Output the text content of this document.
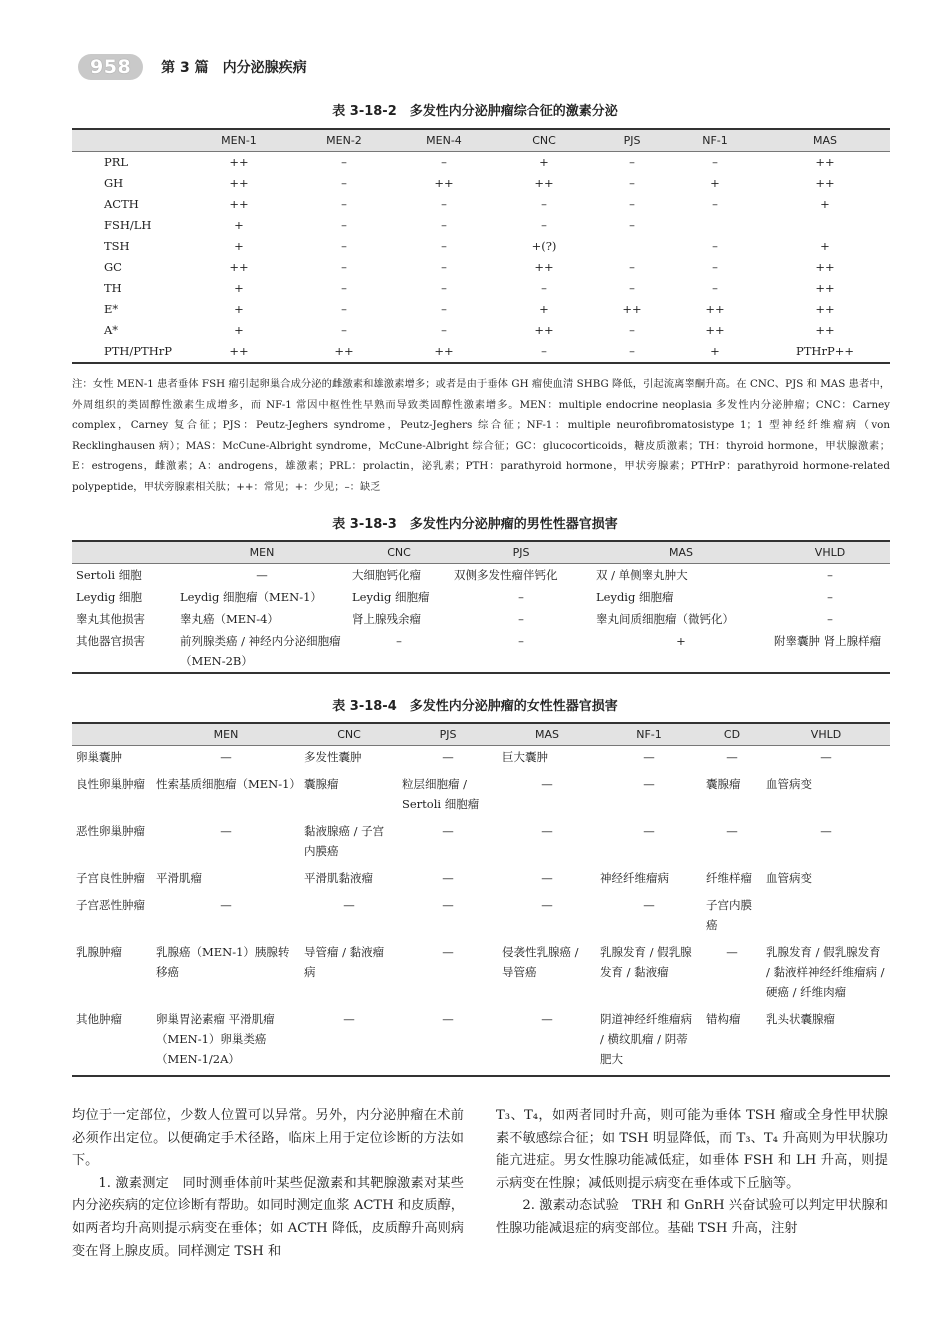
958	第 3 篇　内分泌腺疾病
表 3-18-2　多发性内分泌肿瘤综合征的激素分泌
	MEN-1	MEN-2	MEN-4	CNC	PJS	NF-1	MAS
PRL	++	–	–	+	–	–	++
GH	++	–	++	++	–	+	++
ACTH	++	–	–	–	–	–	+
FSH/LH	+	–	–	–	–		
TSH	+	–	–	+(?)		–	+
GC	++	–	–	++	–	–	++
TH	+	–	–	–	–	–	++
E*	+	–	–	+	++	++	++
A*	+	–	–	++	–	++	++
PTH/PTHrP	++	++	++	–	–	+	PTHrP++
注：女性 MEN-1 患者垂体 FSH 瘤引起卵巢合成分泌的雌激素和雄激素增多；或者是由于垂体 GH 瘤使血清 SHBG 降低，引起流离睾酮升高。在 CNC、PJS 和 MAS 患者中，外周组织的类固醇性激素生成增多，而 NF-1 常因中枢性性早熟而导致类固醇性激素增多。MEN：multiple endocrine neoplasia 多发性内分泌肿瘤；CNC：Carney complex，Carney 复合征；PJS：Peutz-Jeghers syndrome，Peutz-Jeghers 综合征；NF-1：multiple neurofibromatosistype 1；1 型神经纤维瘤病（von Recklinghausen 病）；MAS：McCune-Albright syndrome，McCune-Albright 综合征；GC：glucocorticoids，糖皮质激素；TH：thyroid hormone，甲状腺激素；E：estrogens，雌激素；A：androgens，雄激素；PRL：prolactin，泌乳素；PTH：parathyroid hormone，甲状旁腺素；PTHrP：parathyroid hormone-related polypeptide，甲状旁腺素相关肽；++：常见；+：少见；–：缺乏
表 3-18-3　多发性内分泌肿瘤的男性性器官损害
	MEN	CNC	PJS	MAS	VHLD
Sertoli 细胞	—	大细胞钙化瘤	双侧多发性瘤伴钙化	双 / 单侧睾丸肿大	–
Leydig 细胞	Leydig 细胞瘤（MEN-1）	Leydig 细胞瘤	–	Leydig 细胞瘤	–
睾丸其他损害	睾丸癌（MEN-4）	肾上腺残余瘤	–	睾丸间质细胞瘤（微钙化）	–
其他器官损害	前列腺类癌 / 神经内分泌细胞瘤（MEN-2B）	–	–	+	附睾囊肿 肾上腺样瘤
表 3-18-4　多发性内分泌肿瘤的女性性器官损害
	MEN	CNC	PJS	MAS	NF-1	CD	VHLD
卵巢囊肿	—	多发性囊肿	—	巨大囊肿	—	—	—
良性卵巢肿瘤	性索基质细胞瘤（MEN-1）	囊腺瘤	粒层细胞瘤 / Sertoli 细胞瘤	—	—	囊腺瘤	血管病变
恶性卵巢肿瘤	—	黏液腺癌 / 子宫内膜癌	—	—	—	—	—
子宫良性肿瘤	平滑肌瘤	平滑肌黏液瘤	—	—	神经纤维瘤病	纤维样瘤	血管病变
子宫恶性肿瘤	—	—	—	—	—	子宫内膜癌	
乳腺肿瘤	乳腺癌（MEN-1）胰腺转移癌	导管瘤 / 黏液瘤病	—	侵袭性乳腺癌 / 导管癌	乳腺发育 / 假乳腺发育 / 黏液瘤	—	乳腺发育 / 假乳腺发育 / 黏液样神经纤维瘤病 / 硬癌 / 纤维肉瘤
其他肿瘤	卵巢胃泌素瘤 平滑肌瘤（MEN-1）卵巢类癌（MEN-1/2A）	—	—	—	阴道神经纤维瘤病 / 横纹肌瘤 / 阴蒂肥大	错构瘤	乳头状囊腺瘤

均位于一定部位，少数人位置可以异常。另外，内分泌肿瘤在术前必须作出定位。以便确定手术径路，临床上用于定位诊断的方法如下。

1. 激素测定　同时测垂体前叶某些促激素和其靶腺激素对某些内分泌疾病的定位诊断有帮助。如同时测定血浆 ACTH 和皮质醇，如两者均升高则提示病变在垂体；如 ACTH 降低，皮质醇升高则病变在肾上腺皮质。同样测定 TSH 和

T₃、T₄，如两者同时升高，则可能为垂体 TSH 瘤或全身性甲状腺素不敏感综合征；如 TSH 明显降低，而 T₃、T₄ 升高则为甲状腺功能亢进症。男女性腺功能减低症，如垂体 FSH 和 LH 升高，则提示病变在性腺；减低则提示病变在垂体或下丘脑等。

2. 激素动态试验　TRH 和 GnRH 兴奋试验可以判定甲状腺和性腺功能减退症的病变部位。基础 TSH 升高，注射
